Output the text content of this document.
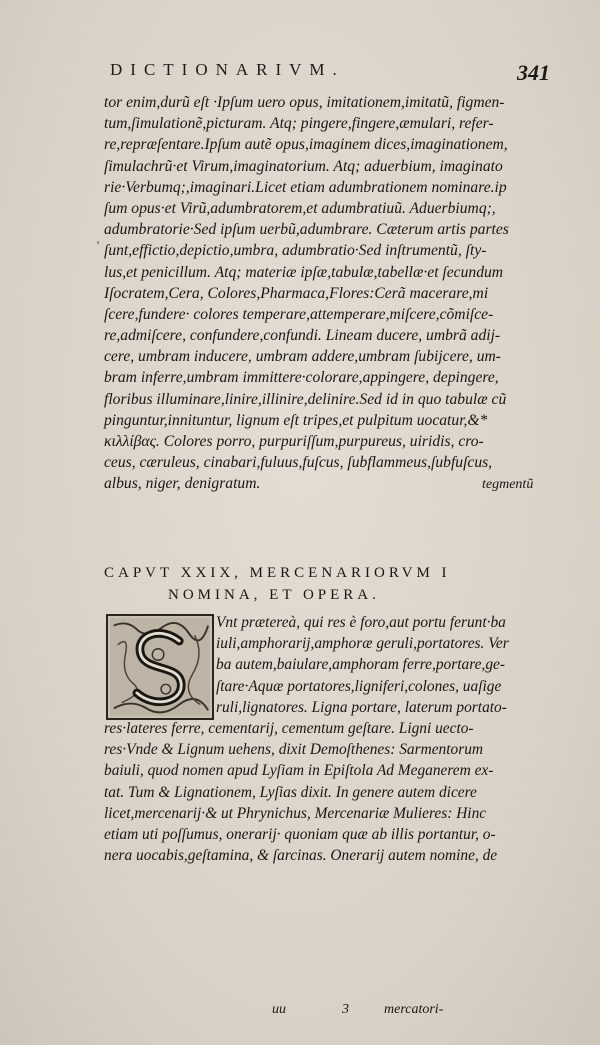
DICTIONARIVM.	341
'
tor enim,durũ eſt ·Ipſum uero opus, imitationem,imitatũ, figmen-
tum,ſimulationẽ,picturam. Atq; pingere,fingere,æmulari, refer-
re,repræſentare.Ipſum autẽ opus,imaginem dices,imaginationem,
ſimulachrũ·et Virum,imaginatorium. Atq; aduerbium, imaginato
rie·Verbumq;,imaginari.Licet etiam adumbrationem nominare.ip
ſum opus·et Virũ,adumbratorem,et adumbratiuũ. Aduerbiumq;,
adumbratorie·Sed ipſum uerbũ,adumbrare. Cæterum artis partes
ſunt,effictio,depictio,umbra, adumbratio·Sed inſtrumentũ, ſty-
lus,et penicillum. Atq; materiæ ipſæ,tabulæ,tabellæ·et ſecundum
Iſocratem,Cera, Colores,Pharmaca,Flores:Cerã macerare,mi
ſcere,fundere· colores temperare,attemperare,miſcere,cõmiſce-
re,admiſcere, confundere,confundi. Lineam ducere, umbrã adij-
cere, umbram inducere, umbram addere,umbram ſubijcere, um-
bram inferre,umbram immittere·colorare,appingere, depingere,
floribus illuminare,linire,illinire,delinire.Sed id in quo tabulæ cũ
pinguntur,innituntur, lignum eſt tripes,et pulpitum uocatur,&*
κιλλίβας. Colores porro, purpuriſſum,purpureus, uiridis, cro-
ceus, cæruleus, cinabari,fuluus,fuſcus, ſubflammeus,ſubfuſcus,
albus, niger, denigratum.	tegmentũ
CAPVT XXIX, MERCENARIORVM I
NOMINA, ET OPERA.
Vnt prætereà, qui res è foro,aut portu ferunt·ba
iuli,amphorarij,amphoræ geruli,portatores. Ver
ba autem,baiulare,amphoram ferre,portare,ge-
ſtare·Aquæ portatores,ligniferi,colones, uaſige
ruli,lignatores. Ligna portare, laterum portato-
res·lateres ferre, cementarij, cementum geſtare. Ligni uecto-
res·Vnde & Lignum uehens, dixit Demoſthenes: Sarmentorum
baiuli, quod nomen apud Lyſiam in Epiſtola Ad Meganerem ex-
tat. Tum & Lignationem, Lyſias dixit. In genere autem dicere
licet,mercenarij·& ut Phrynichus, Mercenariæ Mulieres: Hinc
etiam uti poſſumus, onerarij· quoniam quæ ab illis portantur, o-
nera uocabis,geſtamina, & ſarcinas. Onerarij autem nomine, de
uu	3	mercatori-
